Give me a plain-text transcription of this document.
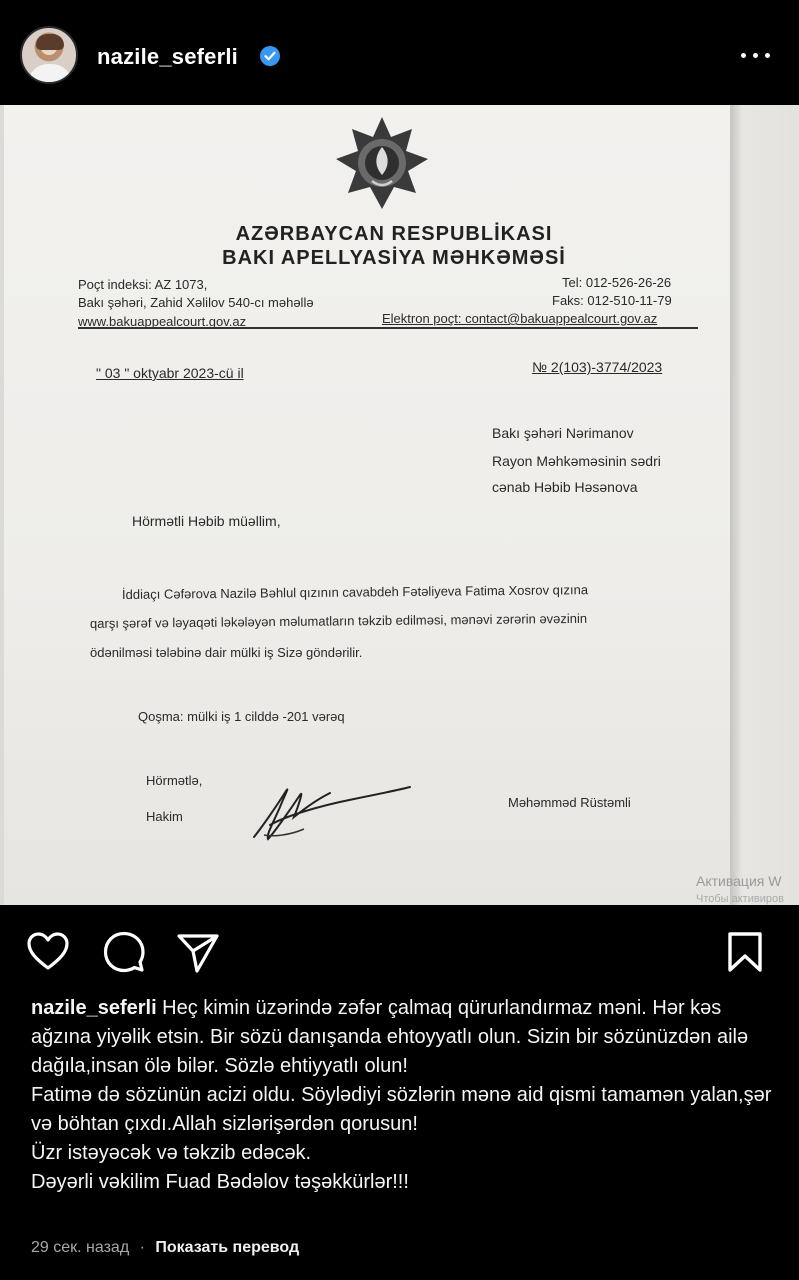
nazile_seferli
AZƏRBAYCAN RESPUBLİKASI
BAKI APELLYASİYA MƏHKƏMƏSİ
Poçt indeksi: AZ 1073,
Bakı şəhəri, Zahid Xəlilov 540-cı məhəllə
www.bakuappealcourt.gov.az
Tel: 012-526-26-26
Faks: 012-510-11-79
Elektron poçt: contact@bakuappealcourt.gov.az
" 03 " oktyabr 2023-cü il	№ 2(103)-3774/2023
Bakı şəhəri Nərimanov
Rayon Məhkəməsinin sədri
cənab Həbib Həsənova
Hörmətli Həbib müəllim,
İddiaçı Cəfərova Nazilə Bəhlul qızının cavabdeh Fətəliyeva Fatima Xosrov qızına
qarşı şərəf və ləyaqəti ləkələyən məlumatların təkzib edilməsi, mənəvi zərərin əvəzinin
ödənilməsi tələbinə dair mülki iş Sizə göndərilir.
Qoşma: mülki iş 1 cilddə -201 vərəq
Hörmətlə,
Hakim
Məhəmməd Rüstəmli
Активация W
Чтобы активиров

nazile_seferli Heç kimin üzərində zəfər çalmaq qürurlandırmaz məni. Hər kəs ağzına yiyəlik etsin. Bir sözü danışanda ehtoyyatlı olun. Sizin bir sözünüzdən ailə dağıla,insan ölə bilər. Sözlə ehtiyyatlı olun!

Fatimə də sözünün acizi oldu. Söylədiyi sözlərin mənə aid qismi tamamən yalan,şər və böhtan çıxdı.Allah sizlərişərdən qorusun!

Üzr istəyəcək və təkzib edəcək.

Dəyərli vəkilim Fuad Bədəlov təşəkkürlər!!!

29 сек. назад · Показать перевод
